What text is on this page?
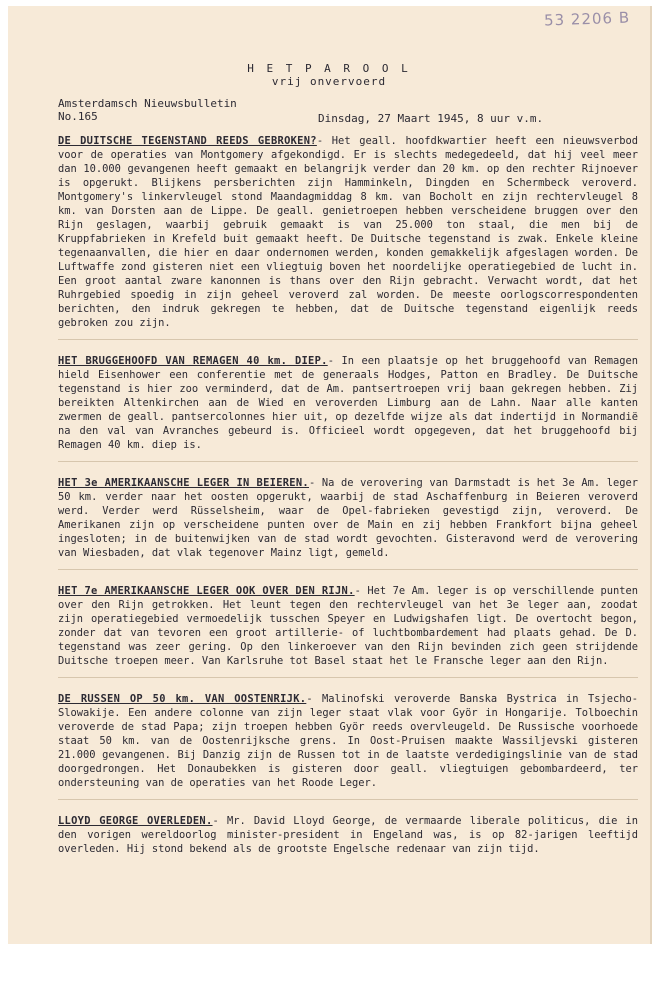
53 2206 B
H E T P A R O O L
vrij onvervoerd
Amsterdamsch Nieuwsbulletin
No.165	Dinsdag, 27 Maart 1945, 8 uur v.m.

DE DUITSCHE TEGENSTAND REEDS GEBROKEN?- Het geall. hoofdkwartier heeft een nieuwsverbod voor de operaties van Montgomery afgekondigd. Er is slechts medegedeeld, dat hij veel meer dan 10.000 gevangenen heeft gemaakt en belangrijk verder dan 20 km. op den rechter Rijnoever is opgerukt. Blijkens persberichten zijn Hamminkeln, Dingden en Schermbeck veroverd. Montgomery's linkervleugel stond Maandagmiddag 8 km. van Bocholt en zijn rechtervleugel 8 km. van Dorsten aan de Lippe. De geall. genietroepen hebben verscheidene bruggen over den Rijn geslagen, waarbij gebruik gemaakt is van 25.000 ton staal, die men bij de Kruppfabrieken in Krefeld buit gemaakt heeft. De Duitsche tegenstand is zwak. Enkele kleine tegenaanvallen, die hier en daar ondernomen werden, konden gemakkelijk afgeslagen worden. De Luftwaffe zond gisteren niet een vliegtuig boven het noordelijke operatiegebied de lucht in. Een groot aantal zware kanonnen is thans over den Rijn gebracht. Verwacht wordt, dat het Ruhrgebied spoedig in zijn geheel veroverd zal worden. De meeste oorlogscorrespondenten berichten, den indruk gekregen te hebben, dat de Duitsche tegenstand eigenlijk reeds gebroken zou zijn.

HET BRUGGEHOOFD VAN REMAGEN 40 km. DIEP.- In een plaatsje op het bruggehoofd van Remagen hield Eisenhower een conferentie met de generaals Hodges, Patton en Bradley. De Duitsche tegenstand is hier zoo verminderd, dat de Am. pantsertroepen vrij baan gekregen hebben. Zij bereikten Altenkirchen aan de Wied en veroverden Limburg aan de Lahn. Naar alle kanten zwermen de geall. pantsercolonnes hier uit, op dezelfde wijze als dat indertijd in Normandië na den val van Avranches gebeurd is. Officieel wordt opgegeven, dat het bruggehoofd bij Remagen 40 km. diep is.

HET 3e AMERIKAANSCHE LEGER IN BEIEREN.- Na de verovering van Darmstadt is het 3e Am. leger 50 km. verder naar het oosten opgerukt, waarbij de stad Aschaffenburg in Beieren veroverd werd. Verder werd Rüsselsheim, waar de Opel-fabrieken gevestigd zijn, veroverd. De Amerikanen zijn op verscheidene punten over de Main en zij hebben Frankfort bijna geheel ingesloten; in de buitenwijken van de stad wordt gevochten. Gisteravond werd de verovering van Wiesbaden, dat vlak tegenover Mainz ligt, gemeld.

HET 7e AMERIKAANSCHE LEGER OOK OVER DEN RIJN.- Het 7e Am. leger is op verschillende punten over den Rijn getrokken. Het leunt tegen den rechtervleugel van het 3e leger aan, zoodat zijn operatiegebied vermoedelijk tusschen Speyer en Ludwigshafen ligt. De overtocht begon, zonder dat van tevoren een groot artillerie- of luchtbombardement had plaats gehad. De D. tegenstand was zeer gering. Op den linkeroever van den Rijn bevinden zich geen strijdende Duitsche troepen meer. Van Karlsruhe tot Basel staat het le Fransche leger aan den Rijn.

DE RUSSEN OP 50 km. VAN OOSTENRIJK.- Malinofski veroverde Banska Bystrica in Tsjecho-Slowakije. Een andere colonne van zijn leger staat vlak voor Györ in Hongarije. Tolboechin veroverde de stad Papa; zijn troepen hebben Györ reeds overvleugeld. De Russische voorhoede staat 50 km. van de Oostenrijksche grens. In Oost-Pruisen maakte Wassiljevski gisteren 21.000 gevangenen. Bij Danzig zijn de Russen tot in de laatste verdedigingslinie van de stad doorgedrongen. Het Donaubekken is gisteren door geall. vliegtuigen gebombardeerd, ter ondersteuning van de operaties van het Roode Leger.

LLOYD GEORGE OVERLEDEN.- Mr. David Lloyd George, de vermaarde liberale politicus, die in den vorigen wereldoorlog minister-president in Engeland was, is op 82-jarigen leeftijd overleden. Hij stond bekend als de grootste Engelsche redenaar van zijn tijd.
